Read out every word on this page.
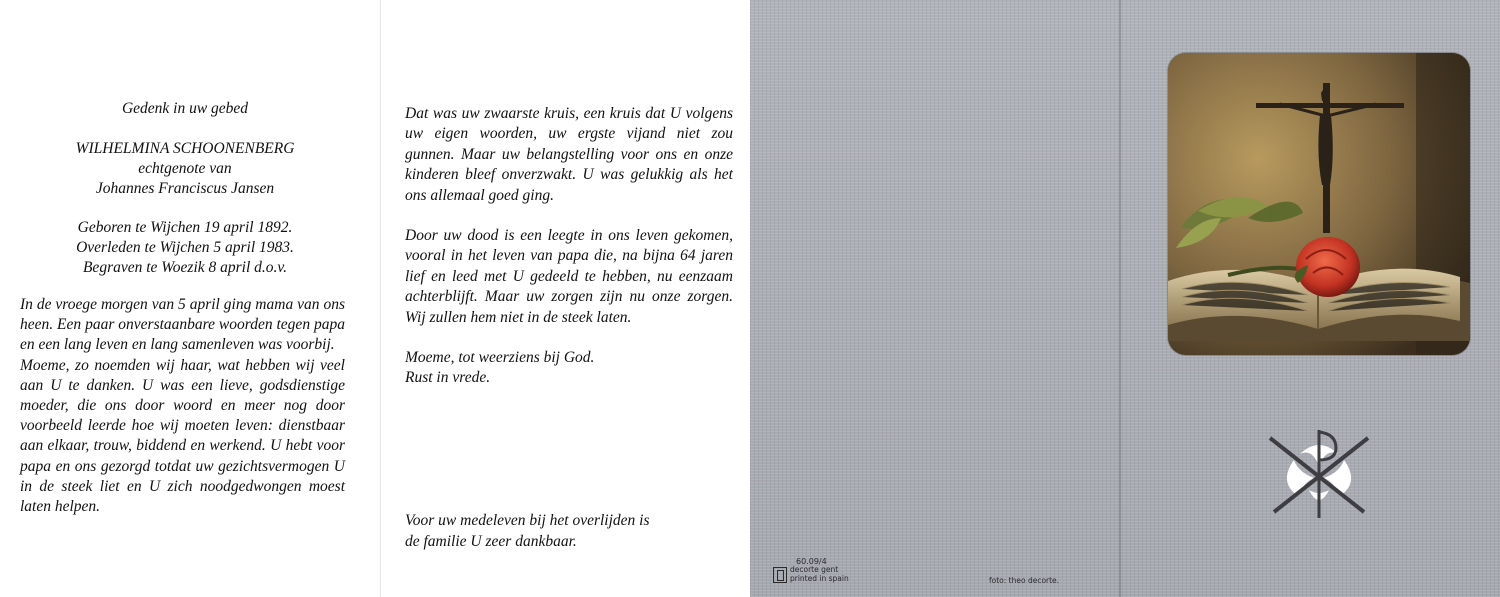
Gedenk in uw gebed
WILHELMINA SCHOONENBERG
echtgenote van
Johannes Franciscus Jansen
Geboren te Wijchen 19 april 1892.
Overleden te Wijchen 5 april 1983.
Begraven te Woezik 8 april d.o.v.

In de vroege morgen van 5 april ging mama van ons heen. Een paar onverstaanbare woorden tegen papa en een lang leven en lang samenleven was voorbij.

Moeme, zo noemden wij haar, wat hebben wij veel aan U te danken. U was een lieve, godsdienstige moeder, die ons door woord en meer nog door voorbeeld leerde hoe wij moeten leven: dienstbaar aan elkaar, trouw, biddend en werkend. U hebt voor papa en ons gezorgd totdat uw gezichtsvermogen U in de steek liet en U zich noodgedwongen moest laten helpen.

Dat was uw zwaarste kruis, een kruis dat U volgens uw eigen woorden, uw ergste vijand niet zou gunnen. Maar uw belangstelling voor ons en onze kinderen bleef onverzwakt. U was gelukkig als het ons allemaal goed ging.

Door uw dood is een leegte in ons leven gekomen, vooral in het leven van papa die, na bijna 64 jaren lief en leed met U gedeeld te hebben, nu eenzaam achterblijft. Maar uw zorgen zijn nu onze zorgen. Wij zullen hem niet in de steek laten.

Moeme, tot weerziens bij God.

Rust in vrede.

Voor uw medeleven bij het overlijden is
de familie U zeer dankbaar.
60.09/4
decorte gent
printed in spain	foto: theo decorte.
